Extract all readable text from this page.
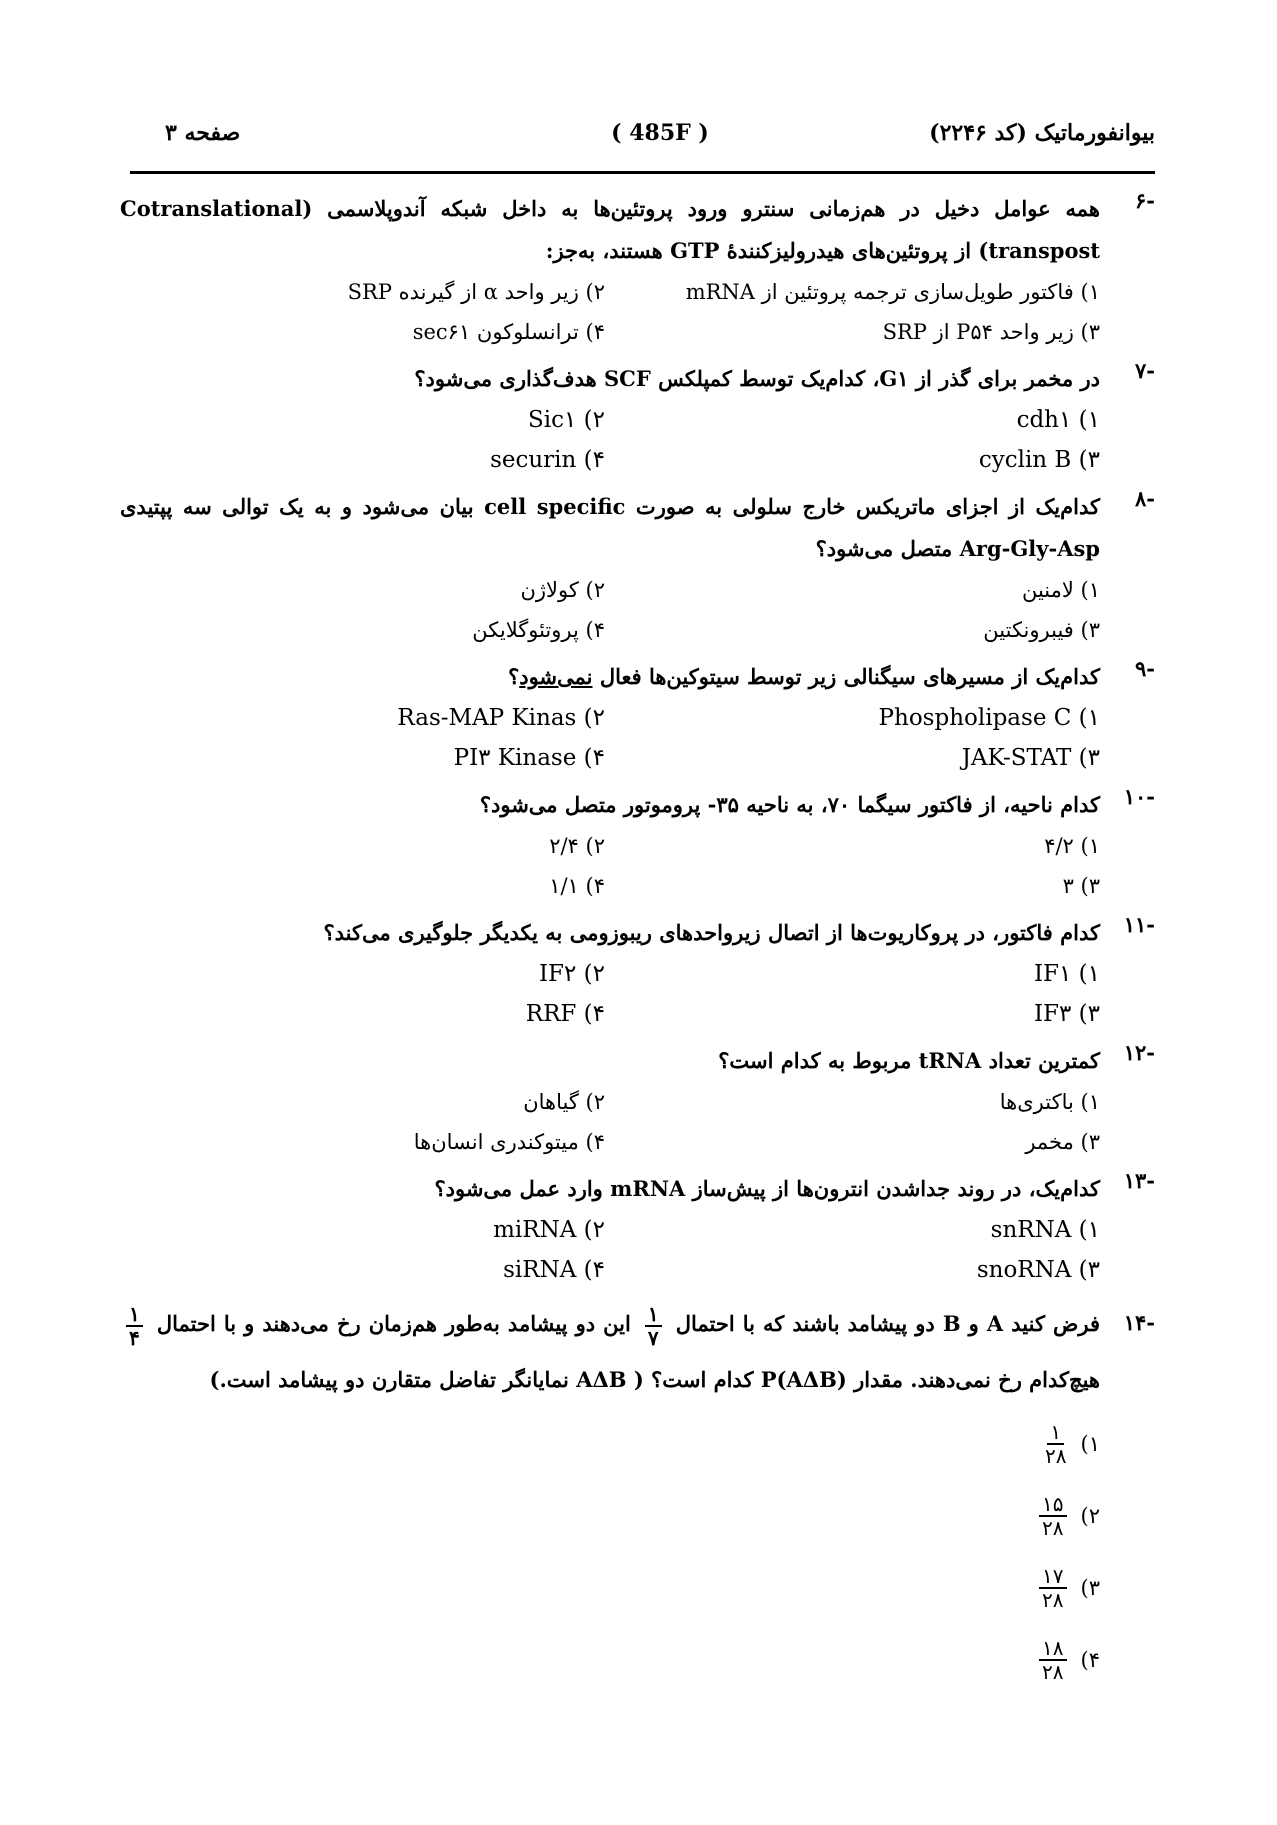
بیوانفورماتیک (کد ۲۲۴۶)
( 485F )
صفحه ۳
-۶
همه عوامل دخیل در هم‌زمانی سنترو ورود پروتئین‌ها به داخل شبکه آندوپلاسمی (Cotranslational transpost) از پروتئین‌های هیدرولیزکنندهٔ GTP هستند، به‌جز:
۱) فاکتور طویل‌سازی ترجمه پروتئین از mRNA
۲) زیر واحد α از گیرنده SRP
۳) زیر واحد P۵۴ از SRP
۴) ترانسلوکون sec۶۱
-۷
در مخمر برای گذر از G۱، کدام‌یک توسط کمپلکس SCF هدف‌گذاری می‌شود؟
۱) cdh۱
۲) Sic۱
۳) cyclin B
۴) securin
-۸
کدام‌یک از اجزای ماتریکس خارج سلولی به صورت cell specific بیان می‌شود و به یک توالی سه پپتیدی Arg-Gly-Asp متصل می‌شود؟
۱) لامنین
۲) کولاژن
۳) فیبرونکتین
۴) پروتئوگلایکن
-۹
کدام‌یک از مسیرهای سیگنالی زیر توسط سیتوکین‌ها فعال نمی‌شود؟
۱) Phospholipase C
۲) Ras-MAP Kinas
۳) JAK-STAT
۴) PI۳ Kinase
-۱۰
کدام ناحیه، از فاکتور سیگما ۷۰، به ناحیه ۳۵- پروموتور متصل می‌شود؟
۱) ۴/۲
۲) ۲/۴
۳) ۳
۴) ۱/۱
-۱۱
کدام فاکتور، در پروکاریوت‌ها از اتصال زیرواحدهای ریبوزومی به یکدیگر جلوگیری می‌کند؟
۱) IF۱
۲) IF۲
۳) IF۳
۴) RRF
-۱۲
کمترین تعداد tRNA مربوط به کدام است؟
۱) باکتری‌ها
۲) گیاهان
۳) مخمر
۴) میتوکندری انسان‌ها
-۱۳
کدام‌یک، در روند جداشدن انترون‌ها از پیش‌ساز mRNA وارد عمل می‌شود؟
۱) snRNA
۲) miRNA
۳) snoRNA
۴) siRNA
-۱۴
فرض کنید A و B دو پیشامد باشند که با احتمال
$\frac{۱}{۷}$
این دو پیشامد به‌طور هم‌زمان رخ می‌دهند و با احتمال
$\frac{۱}{۴}$
هیچ‌کدام رخ نمی‌دهند. مقدار P(AΔB) کدام است؟ ( AΔB نمایانگر تفاضل متقارن دو پیشامد است.)
۱)
$\frac{۱}{۲۸}$
۲)
$\frac{۱۵}{۲۸}$
۳)
$\frac{۱۷}{۲۸}$
۴)
$\frac{۱۸}{۲۸}$
